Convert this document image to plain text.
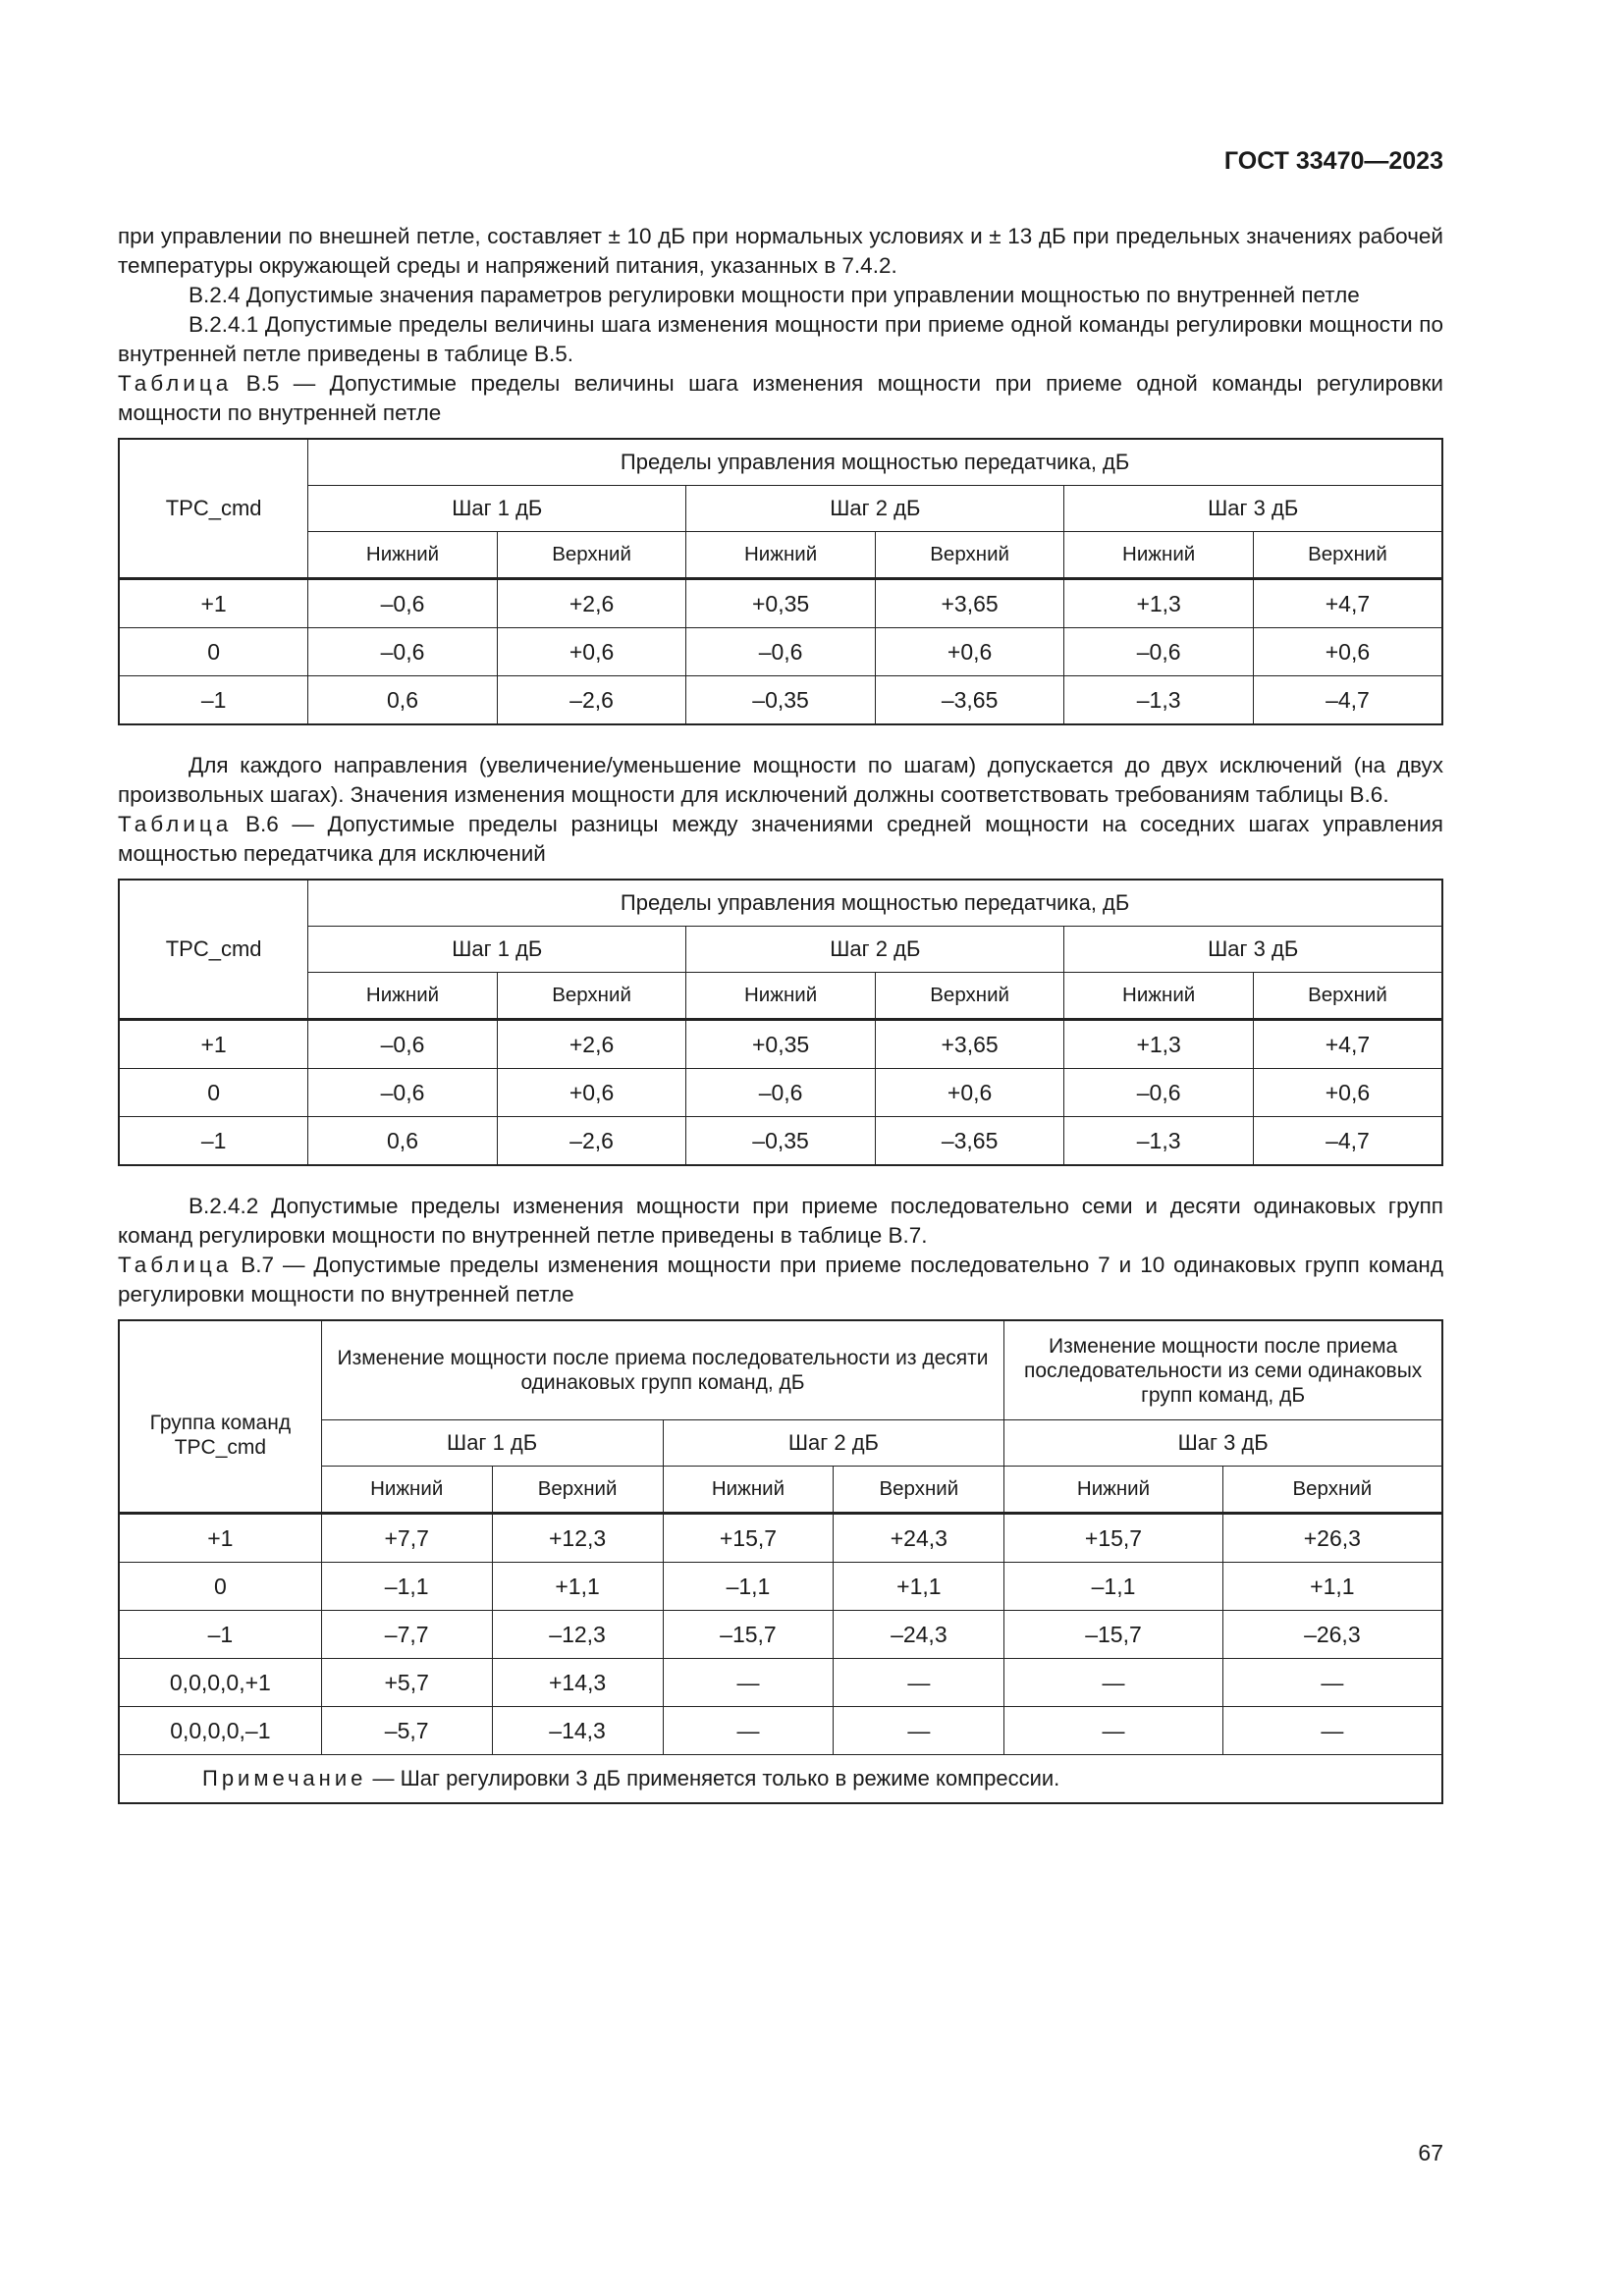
ГОСТ 33470—2023

при управлении по внешней петле, составляет ± 10 дБ при нормальных условиях и ± 13 дБ при предельных значениях рабочей температуры окружающей среды и напряжений питания, указанных в 7.4.2.

В.2.4 Допустимые значения параметров регулировки мощности при управлении мощностью по внутренней петле

В.2.4.1 Допустимые пределы величины шага изменения мощности при приеме одной команды регулировки мощности по внутренней петле приведены в таблице В.5.

Таблица В.5 — Допустимые пределы величины шага изменения мощности при приеме одной команды регулировки мощности по внутренней петле

TPC_cmd	Пределы управления мощностью передатчика, дБ					
	Шаг 1 дБ		Шаг 2 дБ		Шаг 3 дБ	
	Нижний	Верхний	Нижний	Верхний	Нижний	Верхний
+1	–0,6	+2,6	+0,35	+3,65	+1,3	+4,7
0	–0,6	+0,6	–0,6	+0,6	–0,6	+0,6
–1	0,6	–2,6	–0,35	–3,65	–1,3	–4,7

Для каждого направления (увеличение/уменьшение мощности по шагам) допускается до двух исключений (на двух произвольных шагах). Значения изменения мощности для исключений должны соответствовать требованиям таблицы В.6.

Таблица В.6 — Допустимые пределы разницы между значениями средней мощности на соседних шагах управления мощностью передатчика для исключений

TPC_cmd	Пределы управления мощностью передатчика, дБ					
	Шаг 1 дБ		Шаг 2 дБ		Шаг 3 дБ	
	Нижний	Верхний	Нижний	Верхний	Нижний	Верхний
+1	–0,6	+2,6	+0,35	+3,65	+1,3	+4,7
0	–0,6	+0,6	–0,6	+0,6	–0,6	+0,6
–1	0,6	–2,6	–0,35	–3,65	–1,3	–4,7

В.2.4.2 Допустимые пределы изменения мощности при приеме последовательно семи и десяти одинаковых групп команд регулировки мощности по внутренней петле приведены в таблице В.7.

Таблица В.7 — Допустимые пределы изменения мощности при приеме последовательно 7 и 10 одинаковых групп команд регулировки мощности по внутренней петле

Группа команд TPC_cmd	Изменение мощности после приема последовательности из десяти одинаковых групп команд, дБ				Изменение мощности после приема последовательности из семи одинаковых групп команд, дБ	
	Шаг 1 дБ		Шаг 2 дБ		Шаг 3 дБ	
	Нижний	Верхний	Нижний	Верхний	Нижний	Верхний
+1	+7,7	+12,3	+15,7	+24,3	+15,7	+26,3
0	–1,1	+1,1	–1,1	+1,1	–1,1	+1,1
–1	–7,7	–12,3	–15,7	–24,3	–15,7	–26,3
0,0,0,0,+1	+5,7	+14,3	—	—	—	—
0,0,0,0,–1	–5,7	–14,3	—	—	—	—
Примечание — Шаг регулировки 3 дБ применяется только в режиме компрессии.						
67
